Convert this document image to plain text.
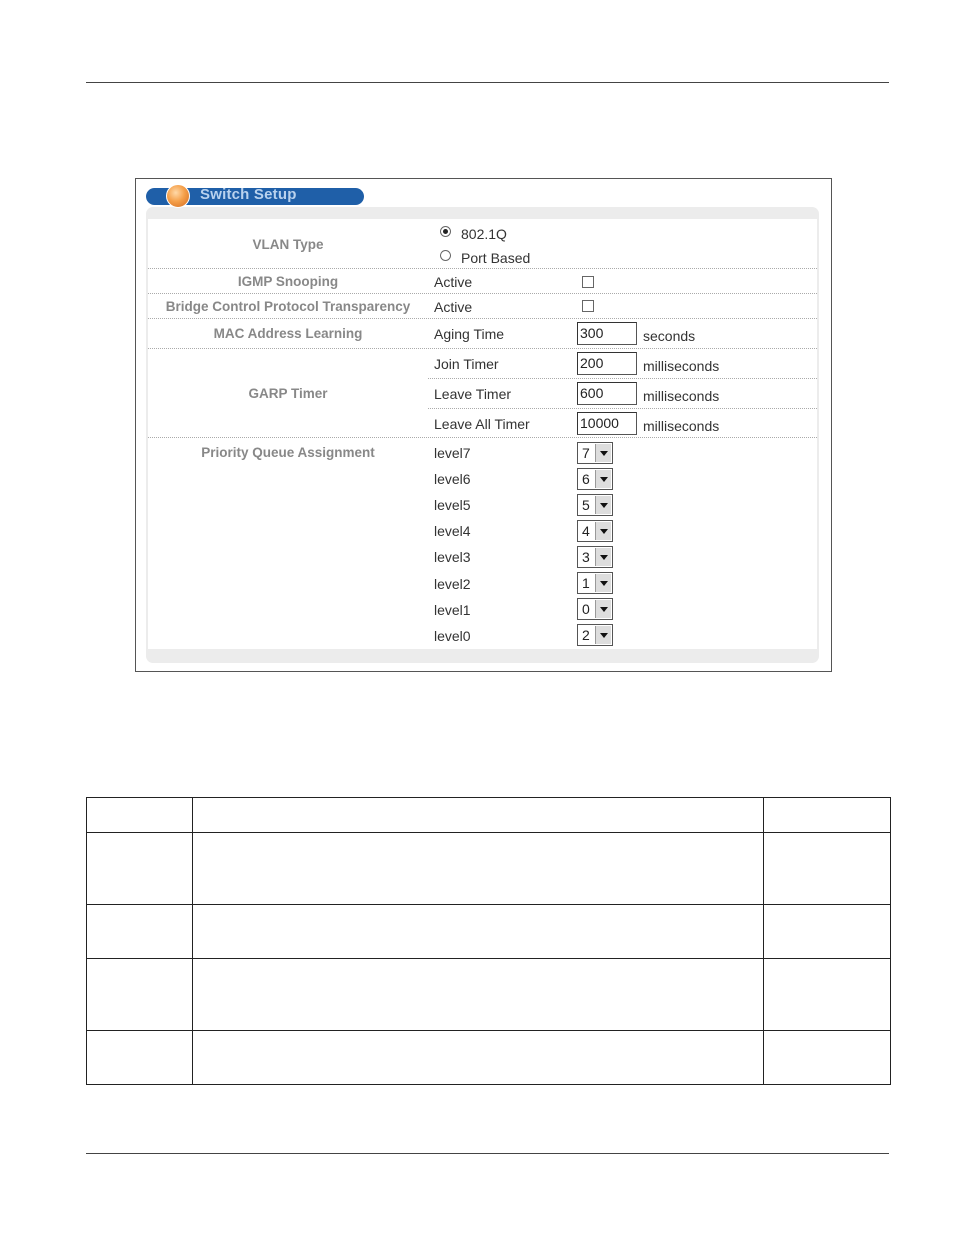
Switch Setup
VLAN Type
802.1Q
Port Based
IGMP Snooping	Active
Bridge Control Protocol Transparency	Active
MAC Address Learning	Aging Time	300	seconds
GARP Timer
Join Timer	200	milliseconds
Leave Timer	600	milliseconds
Leave All Timer	10000	milliseconds
Priority Queue Assignment	level7	7
level6	6
level5	5
level4	4
level3	3
level2	1
level1	0
level0	2
